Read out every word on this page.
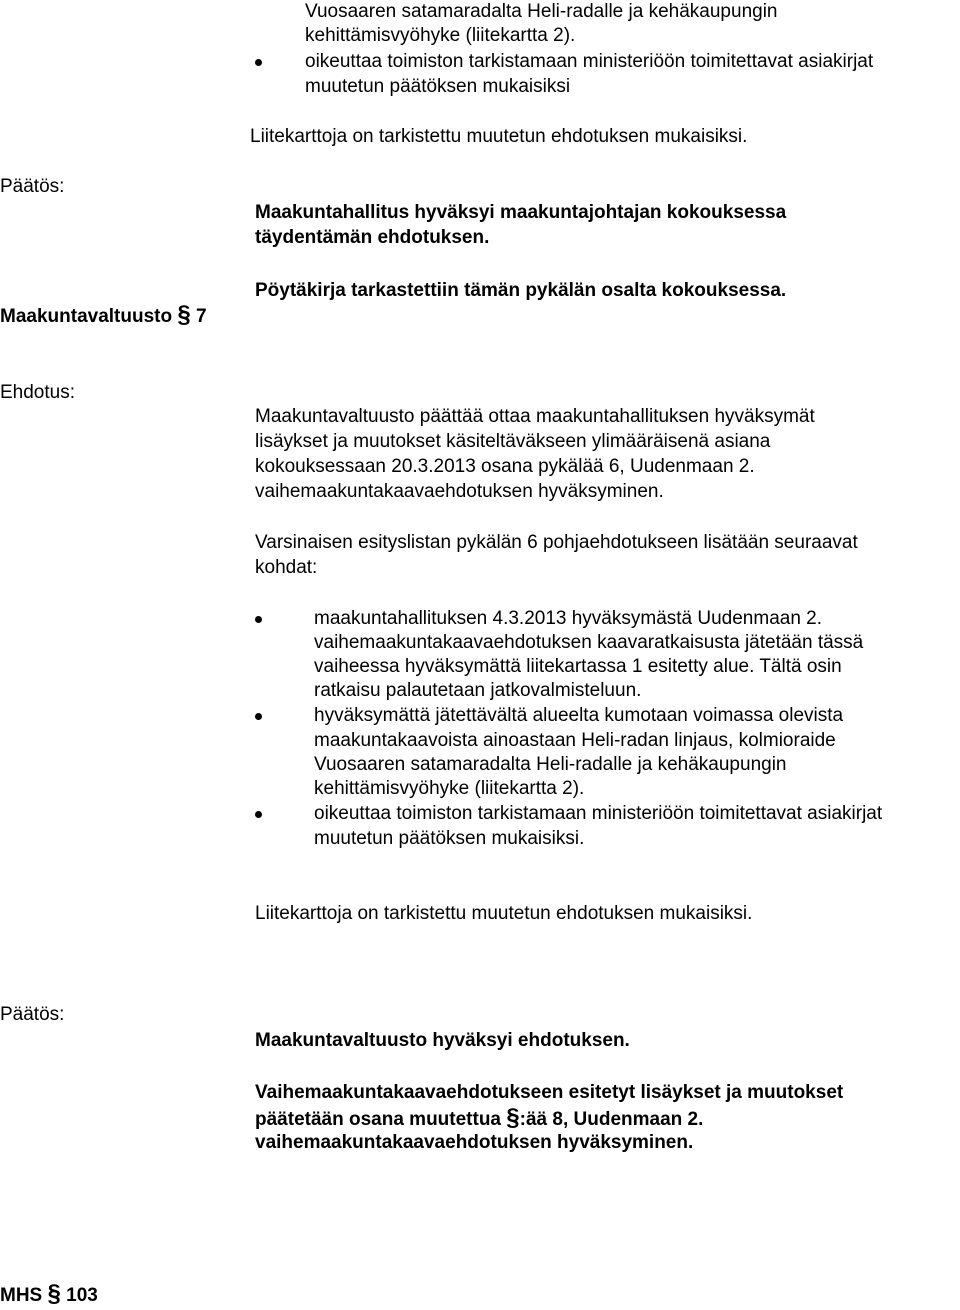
Vuosaaren satamaradalta Heli-radalle ja kehäkaupungin
kehittämisvyöhyke (liitekartta 2).
oikeuttaa toimiston tarkistamaan ministeriöön toimitettavat asiakirjat
muutetun päätöksen mukaisiksi
Liitekarttoja on tarkistettu muutetun ehdotuksen mukaisiksi.
Päätös:
Maakuntahallitus hyväksyi maakuntajohtajan kokouksessa
täydentämän ehdotuksen.
Pöytäkirja tarkastettiin tämän pykälän osalta kokouksessa.
Maakuntavaltuusto § 7
Ehdotus:
Maakuntavaltuusto päättää ottaa maakuntahallituksen hyväksymät
lisäykset ja muutokset käsiteltäväkseen ylimääräisenä asiana
kokouksessaan 20.3.2013 osana pykälää 6, Uudenmaan 2.
vaihemaakuntakaavaehdotuksen hyväksyminen.
Varsinaisen esityslistan pykälän 6 pohjaehdotukseen lisätään seuraavat
kohdat:
maakuntahallituksen 4.3.2013 hyväksymästä Uudenmaan 2.
vaihemaakuntakaavaehdotuksen kaavaratkaisusta jätetään tässä
vaiheessa hyväksymättä liitekartassa 1 esitetty alue. Tältä osin
ratkaisu palautetaan jatkovalmisteluun.
hyväksymättä jätettävältä alueelta kumotaan voimassa olevista
maakuntakaavoista ainoastaan Heli-radan linjaus, kolmioraide
Vuosaaren satamaradalta Heli-radalle ja kehäkaupungin
kehittämisvyöhyke (liitekartta 2).
oikeuttaa toimiston tarkistamaan ministeriöön toimitettavat asiakirjat
muutetun päätöksen mukaisiksi.
Liitekarttoja on tarkistettu muutetun ehdotuksen mukaisiksi.
Päätös:
Maakuntavaltuusto hyväksyi ehdotuksen.
Vaihemaakuntakaavaehdotukseen esitetyt lisäykset ja muutokset
päätetään osana muutettua §:ää 8, Uudenmaan 2.
vaihemaakuntakaavaehdotuksen hyväksyminen.
MHS § 103
